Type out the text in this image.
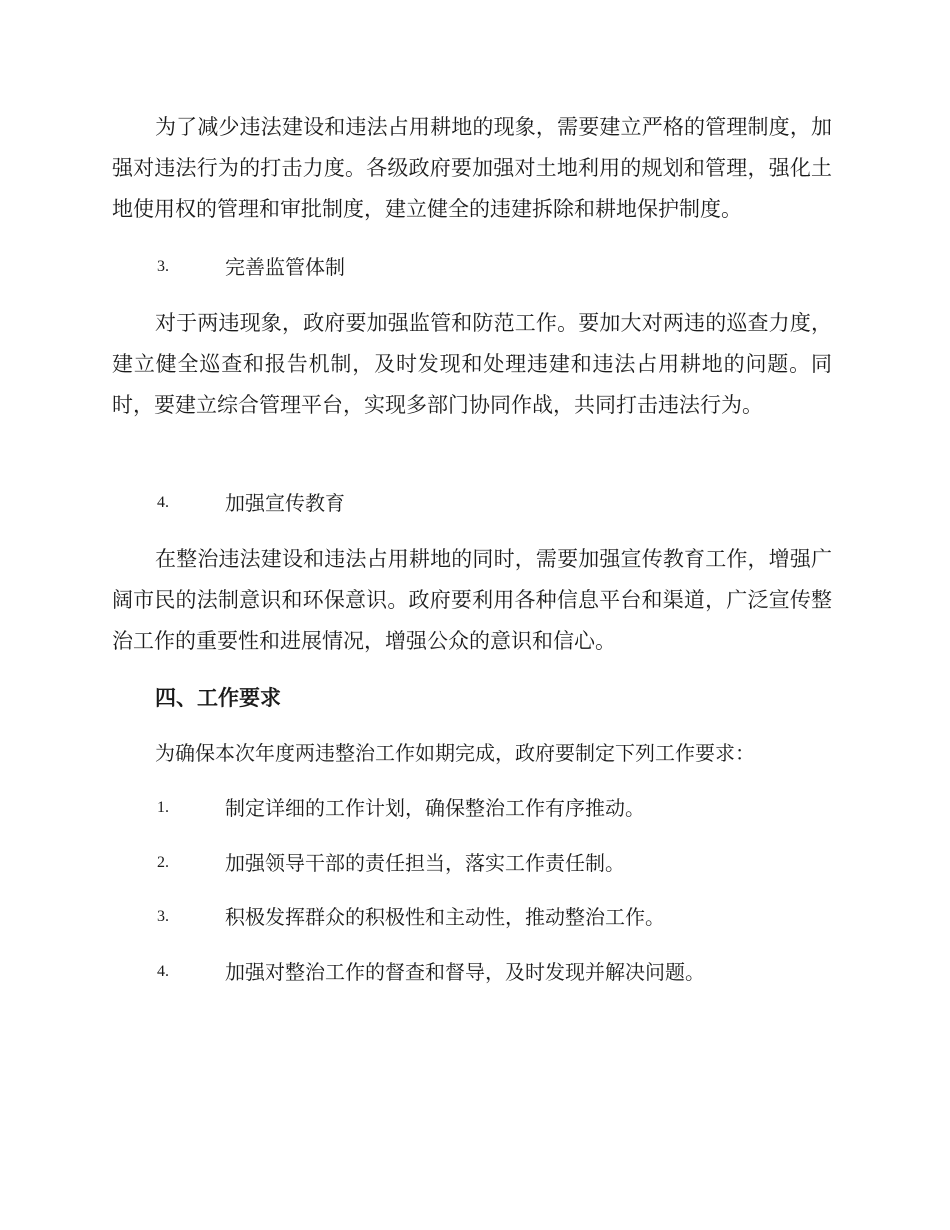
为了减少违法建设和违法占用耕地的现象，需要建立严格的管理制度，加强对违法行为的打击力度。各级政府要加强对土地利用的规划和管理，强化土地使用权的管理和审批制度，建立健全的违建拆除和耕地保护制度。

3.	完善监管体制

对于两违现象，政府要加强监管和防范工作。要加大对两违的巡查力度，建立健全巡查和报告机制，及时发现和处理违建和违法占用耕地的问题。同时，要建立综合管理平台，实现多部门协同作战，共同打击违法行为。

4.	加强宣传教育

在整治违法建设和违法占用耕地的同时，需要加强宣传教育工作，增强广阔市民的法制意识和环保意识。政府要利用各种信息平台和渠道，广泛宣传整治工作的重要性和进展情况，增强公众的意识和信心。

四、工作要求

为确保本次年度两违整治工作如期完成，政府要制定下列工作要求：

1.	制定详细的工作计划，确保整治工作有序推动。
2.	加强领导干部的责任担当，落实工作责任制。
3.	积极发挥群众的积极性和主动性，推动整治工作。
4.	加强对整治工作的督查和督导，及时发现并解决问题。
